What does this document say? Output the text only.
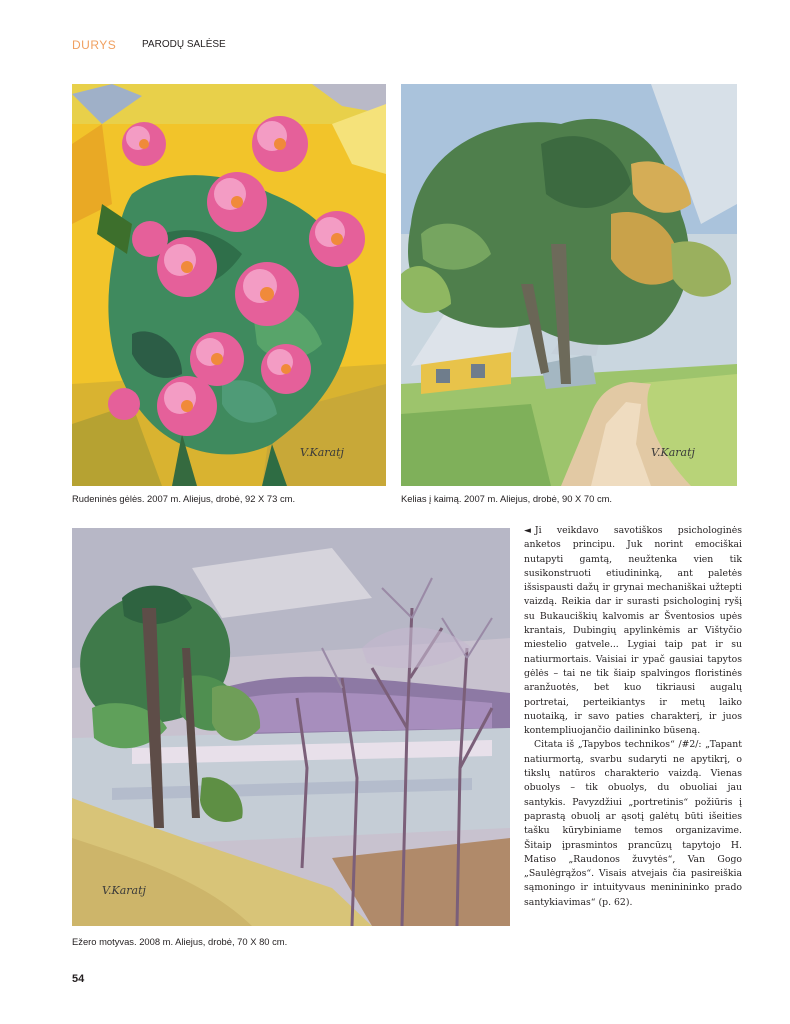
DURYS	PARODŲ SALĖSE
V.Karatj	V.Karatj
Rudeninės gėlės. 2007 m. Aliejus, drobė, 92 X 73 cm.	Kelias į kaimą. 2007 m. Aliejus, drobė, 90 X 70 cm.
V.Karatj
Ežero motyvas. 2008 m. Aliejus, drobė, 70 X 80 cm.

◄ Ji veikdavo savotiškos psichologinės anketos principu. Juk norint emociškai nutapyti gamtą, neužtenka vien tik susikonstruoti etiudininką, ant paletės išsispausti dažų ir grynai mechaniškai užtepti vaizdą. Reikia dar ir surasti psichologinį ryšį su Bukauciškių kalvomis ar Šventosios upės krantais, Dubingių apylinkėmis ar Vištyčio miestelio gatvele... Lygiai taip pat ir su natiurmortais. Vaisiai ir ypač gausiai tapytos gėlės – tai ne tik šiaip spalvingos floristinės aranžuotės, bet kuo tikriausi augalų portretai, perteikiantys ir metų laiko nuotaiką, ir savo paties charakterį, ir juos kontempliuojančio dailininko būseną.

Citata iš „Tapybos technikos“ /#2/: „Tapant natiurmortą, svarbu sudaryti ne apytikrį, o tikslų natūros charakterio vaizdą. Vienas obuolys – tik obuolys, du obuoliai jau santykis. Pavyzdžiui „portretinis“ požiūris į paprastą obuolį ar ąsotį galėtų būti išeities tašku kūrybiniame temos organizavime. Šitaip įprasmintos prancūzų tapytojo H. Matiso „Raudonos žuvytės“, Van Gogo „Saulėgrąžos“. Visais atvejais čia pasireiškia sąmoningo ir intuityvaus meninininko prado santykiavimas“ (p. 62).

54
